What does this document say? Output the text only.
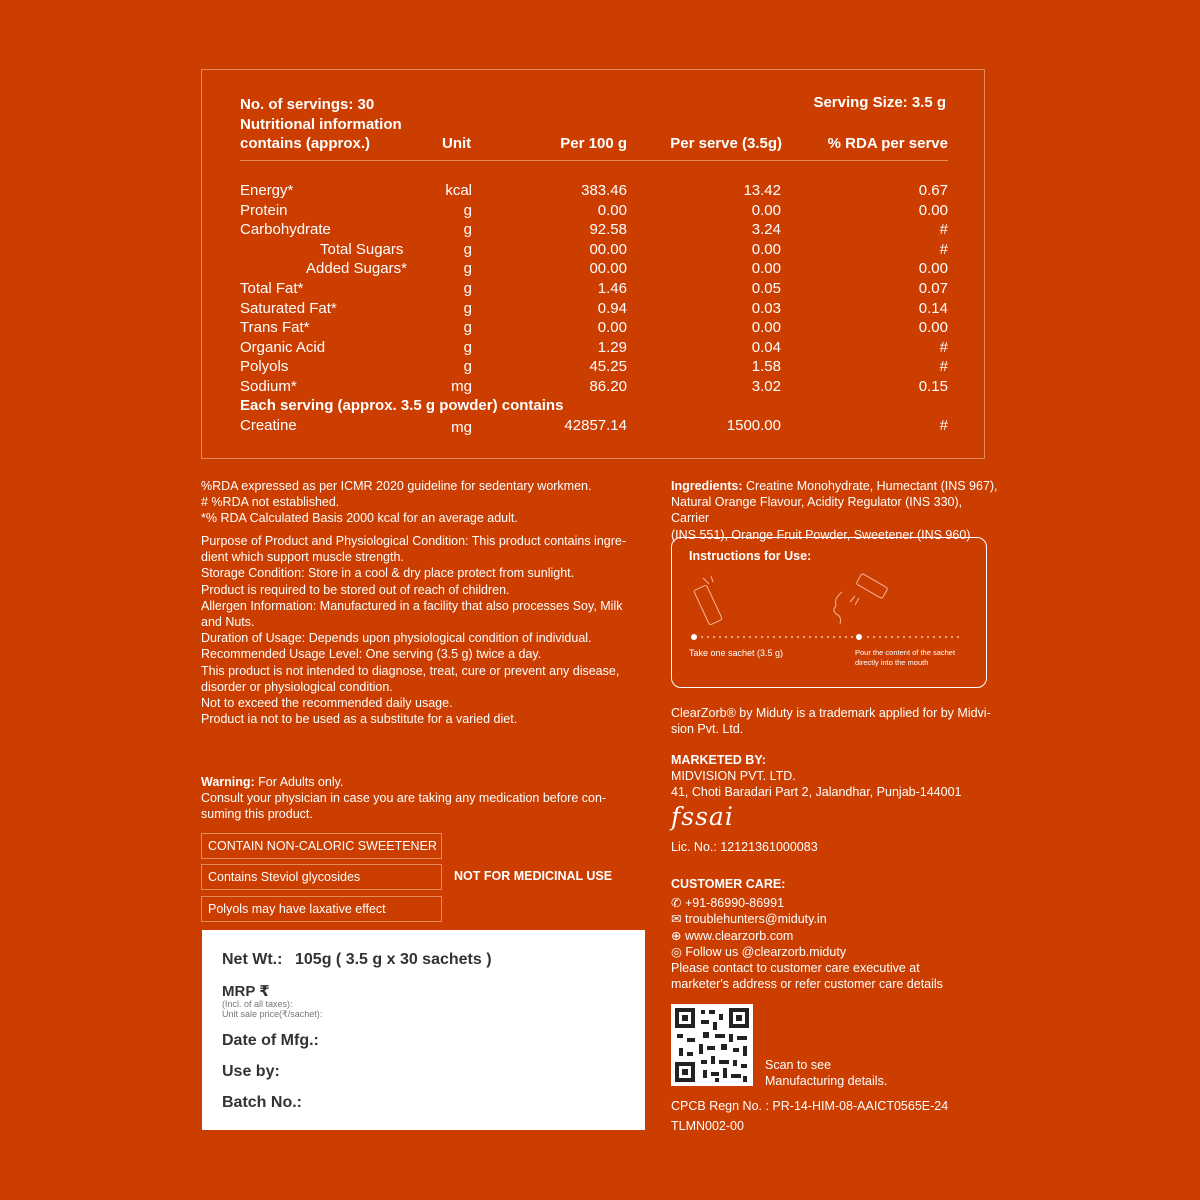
No. of servings: 30	Serving Size: 3.5 g
Nutritional information
contains (approx.)	Unit	Per 100 g	Per serve (3.5g)	% RDA per serve
Energy*	kcal	383.46	13.42	0.67
Protein	g	0.00	0.00	0.00
Carbohydrate	g	92.58	3.24	#
Total Sugars	g	00.00	0.00	#
Added Sugars*	g	00.00	0.00	0.00
Total Fat*	g	1.46	0.05	0.07
Saturated Fat*	g	0.94	0.03	0.14
Trans Fat*	g	0.00	0.00	0.00
Organic Acid	g	1.29	0.04	#
Polyols	g	45.25	1.58	#
Sodium*	mg	86.20	3.02	0.15
Each serving (approx. 3.5 g powder) contains
Creatine	mg	42857.14	1500.00	#
%RDA expressed as per ICMR 2020 guideline for sedentary workmen.
# %RDA not established.
*% RDA Calculated Basis 2000 kcal for an average adult.
Purpose of Product and Physiological Condition: This product contains ingre-
dient which support muscle strength.
Storage Condition: Store in a cool & dry place protect from sunlight.
Product is required to be stored out of reach of children.
Allergen Information: Manufactured in a facility that also processes Soy, Milk
and Nuts.
Duration of Usage: Depends upon physiological condition of individual.
Recommended Usage Level: One serving (3.5 g) twice a day.
This product is not intended to diagnose, treat, cure or prevent any disease,
disorder or physiological condition.
Not to exceed the recommended daily usage.
Product ia not to be used as a substitute for a varied diet.
Warning: For Adults only.
Consult your physician in case you are taking any medication before con-
suming this product.
CONTAIN NON-CALORIC SWEETENER
Contains Steviol glycosides
Polyols may have laxative effect
NOT FOR MEDICINAL USE
Net Wt.: 105g ( 3.5 g x 30 sachets )
MRP ₹
(Incl. of all taxes):
Unit sale price(₹/sachet):
Date of Mfg.:
Use by:
Batch No.:
Ingredients: Creatine Monohydrate, Humectant (INS 967),
Natural Orange Flavour, Acidity Regulator (INS 330), Carrier
(INS 551), Orange Fruit Powder, Sweetener (INS 960)
Instructions for Use:
Take one sachet (3.5 g)	Pour the content of the sachet
directly into the mouth
ClearZorb® by Miduty is a trademark applied for by Midvi-
sion Pvt. Ltd.
MARKETED BY:
MIDVISION PVT. LTD.
41, Choti Baradari Part 2, Jalandhar, Punjab-144001
fssai
Lic. No.: 12121361000083
CUSTOMER CARE:
✆ +91-86990-86991
✉ troublehunters@miduty.in
⊕ www.clearzorb.com
◎ Follow us @clearzorb.miduty
Please contact to customer care executive at
marketer's address or refer customer care details
Scan to see
Manufacturing details.
CPCB Regn No. : PR-14-HIM-08-AAICT0565E-24
TLMN002-00
